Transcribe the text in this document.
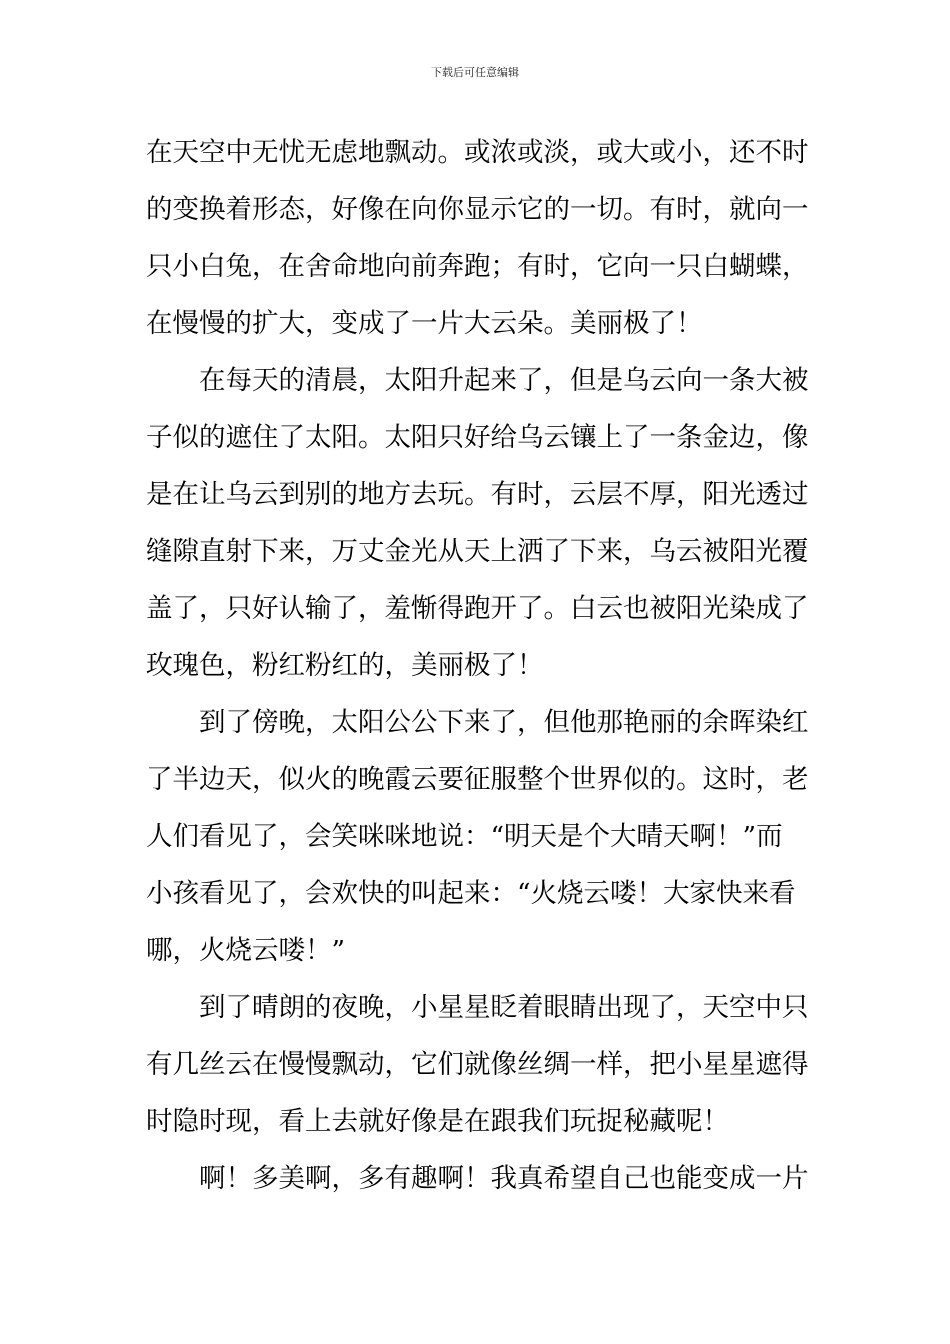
下载后可任意编辑
在天空中无忧无虑地飘动。或浓或淡，或大或小，还不时
的变换着形态，好像在向你显示它的一切。有时，就向一
只小白兔，在舍命地向前奔跑；有时，它向一只白蝴蝶，
在慢慢的扩大，变成了一片大云朵。美丽极了！
在每天的清晨，太阳升起来了，但是乌云向一条大被
子似的遮住了太阳。太阳只好给乌云镶上了一条金边，像
是在让乌云到别的地方去玩。有时，云层不厚，阳光透过
缝隙直射下来，万丈金光从天上洒了下来，乌云被阳光覆
盖了，只好认输了，羞惭得跑开了。白云也被阳光染成了
玫瑰色，粉红粉红的，美丽极了！
到了傍晚，太阳公公下来了，但他那艳丽的余晖染红
了半边天，似火的晚霞云要征服整个世界似的。这时，老
人们看见了，会笑咪咪地说：“明天是个大晴天啊！”而
小孩看见了，会欢快的叫起来：“火烧云喽！大家快来看
哪，火烧云喽！”
到了晴朗的夜晚，小星星眨着眼睛出现了，天空中只
有几丝云在慢慢飘动，它们就像丝绸一样，把小星星遮得
时隐时现，看上去就好像是在跟我们玩捉秘藏呢！
啊！多美啊，多有趣啊！我真希望自己也能变成一片
